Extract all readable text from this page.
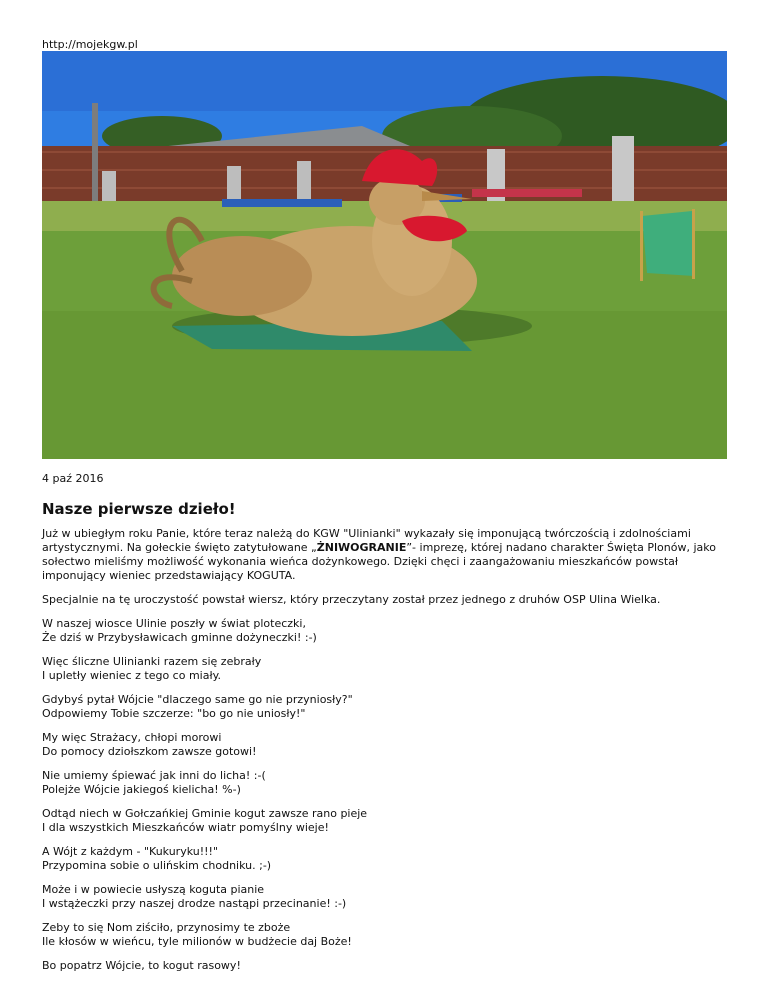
http://mojekgw.pl
4 paź 2016
Nasze pierwsze dzieło!

Już w ubiegłym roku Panie, które teraz należą do KGW "Ulinianki" wykazały się imponującą twórczością i zdolnościami artystycznymi. Na gołeckie święto zatytułowane „ŻNIWOGRANIE”- imprezę, której nadano charakter Święta Plonów, jako sołectwo mieliśmy możliwość wykonania wieńca dożynkowego. Dzięki chęci i zaangażowaniu mieszkańców powstał imponujący wieniec przedstawiający KOGUTA.

Specjalnie na tę uroczystość powstał wiersz, który przeczytany został przez jednego z druhów OSP Ulina Wielka.

W naszej wiosce Ulinie poszły w świat ploteczki,
Że dziś w Przybysławicach gminne dożyneczki! :-)

Więc śliczne Ulinianki razem się zebrały
I upletły wieniec z tego co miały.

Gdybyś pytał Wójcie "dlaczego same go nie przyniosły?"
Odpowiemy Tobie szczerze: "bo go nie uniosły!"

My więc Strażacy, chłopi morowi
Do pomocy dziołszkom zawsze gotowi!

Nie umiemy śpiewać jak inni do licha! :-(
Polejże Wójcie jakiegoś kielicha! %-)

Odtąd niech w Gołczańkiej Gminie kogut zawsze rano pieje
I dla wszystkich Mieszkańców wiatr pomyślny wieje!

A Wójt z każdym - "Kukuryku!!!"
Przypomina sobie o ulińskim chodniku. ;-)

Może i w powiecie usłyszą koguta pianie
I wstążeczki przy naszej drodze nastąpi przecinanie! :-)

Zeby to się Nom ziściło, przynosimy te zboże
Ile kłosów w wieńcu, tyle milionów w budżecie daj Boże!

Bo popatrz Wójcie, to kogut rasowy!
